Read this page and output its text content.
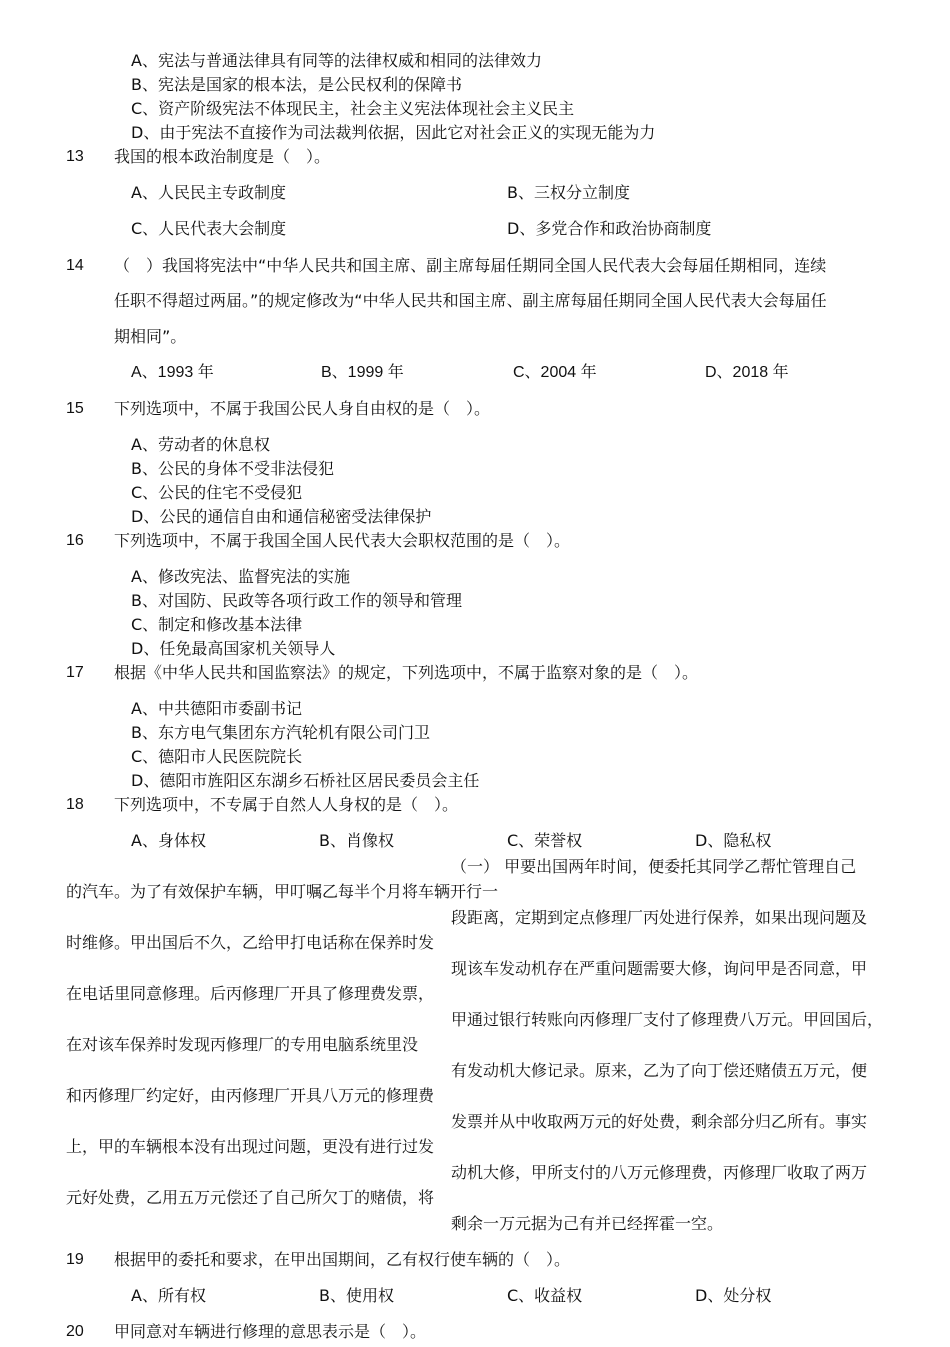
A、宪法与普通法律具有同等的法律权威和相同的法律效力
B、宪法是国家的根本法，是公民权利的保障书
C、资产阶级宪法不体现民主，社会主义宪法体现社会主义民主
D、由于宪法不直接作为司法裁判依据，因此它对社会正义的实现无能为力
13 我国的根本政治制度是（　）。
A、人民民主专政制度	B、三权分立制度
C、人民代表大会制度	D、多党合作和政治协商制度
14 （　）我国将宪法中“中华人民共和国主席、副主席每届任期同全国人民代表大会每届任期相同，连续
任职不得超过两届。”的规定修改为“中华人民共和国主席、副主席每届任期同全国人民代表大会每届任
期相同”。
A、1993 年	B、1999 年	C、2004 年	D、2018 年
15 下列选项中，不属于我国公民人身自由权的是（　）。
A、劳动者的休息权
B、公民的身体不受非法侵犯
C、公民的住宅不受侵犯
D、公民的通信自由和通信秘密受法律保护
16 下列选项中，不属于我国全国人民代表大会职权范围的是（　）。
A、修改宪法、监督宪法的实施
B、对国防、民政等各项行政工作的领导和管理
C、制定和修改基本法律
D、任免最高国家机关领导人
17 根据《中华人民共和国监察法》的规定，下列选项中，不属于监察对象的是（　）。
A、中共德阳市委副书记
B、东方电气集团东方汽轮机有限公司门卫
C、德阳市人民医院院长
D、德阳市旌阳区东湖乡石桥社区居民委员会主任
18 下列选项中，不专属于自然人人身权的是（　）。
A、身体权	B、肖像权	C、荣誉权	D、隐私权
（一） 甲要出国两年时间，便委托其同学乙帮忙管理自己
的汽车。为了有效保护车辆，甲叮嘱乙每半个月将车辆开行一
段距离，定期到定点修理厂丙处进行保养，如果出现问题及
时维修。甲出国后不久，乙给甲打电话称在保养时发
现该车发动机存在严重问题需要大修，询问甲是否同意，甲
在电话里同意修理。后丙修理厂开具了修理费发票，
甲通过银行转账向丙修理厂支付了修理费八万元。甲回国后，
在对该车保养时发现丙修理厂的专用电脑系统里没
有发动机大修记录。原来，乙为了向丁偿还赌债五万元，便
和丙修理厂约定好，由丙修理厂开具八万元的修理费
发票并从中收取两万元的好处费，剩余部分归乙所有。事实
上，甲的车辆根本没有出现过问题，更没有进行过发
动机大修，甲所支付的八万元修理费，丙修理厂收取了两万
元好处费，乙用五万元偿还了自己所欠丁的赌债，将
剩余一万元据为己有并已经挥霍一空。
19 根据甲的委托和要求，在甲出国期间，乙有权行使车辆的（　）。
A、所有权	B、使用权	C、收益权	D、处分权
20 甲同意对车辆进行修理的意思表示是（　）。
